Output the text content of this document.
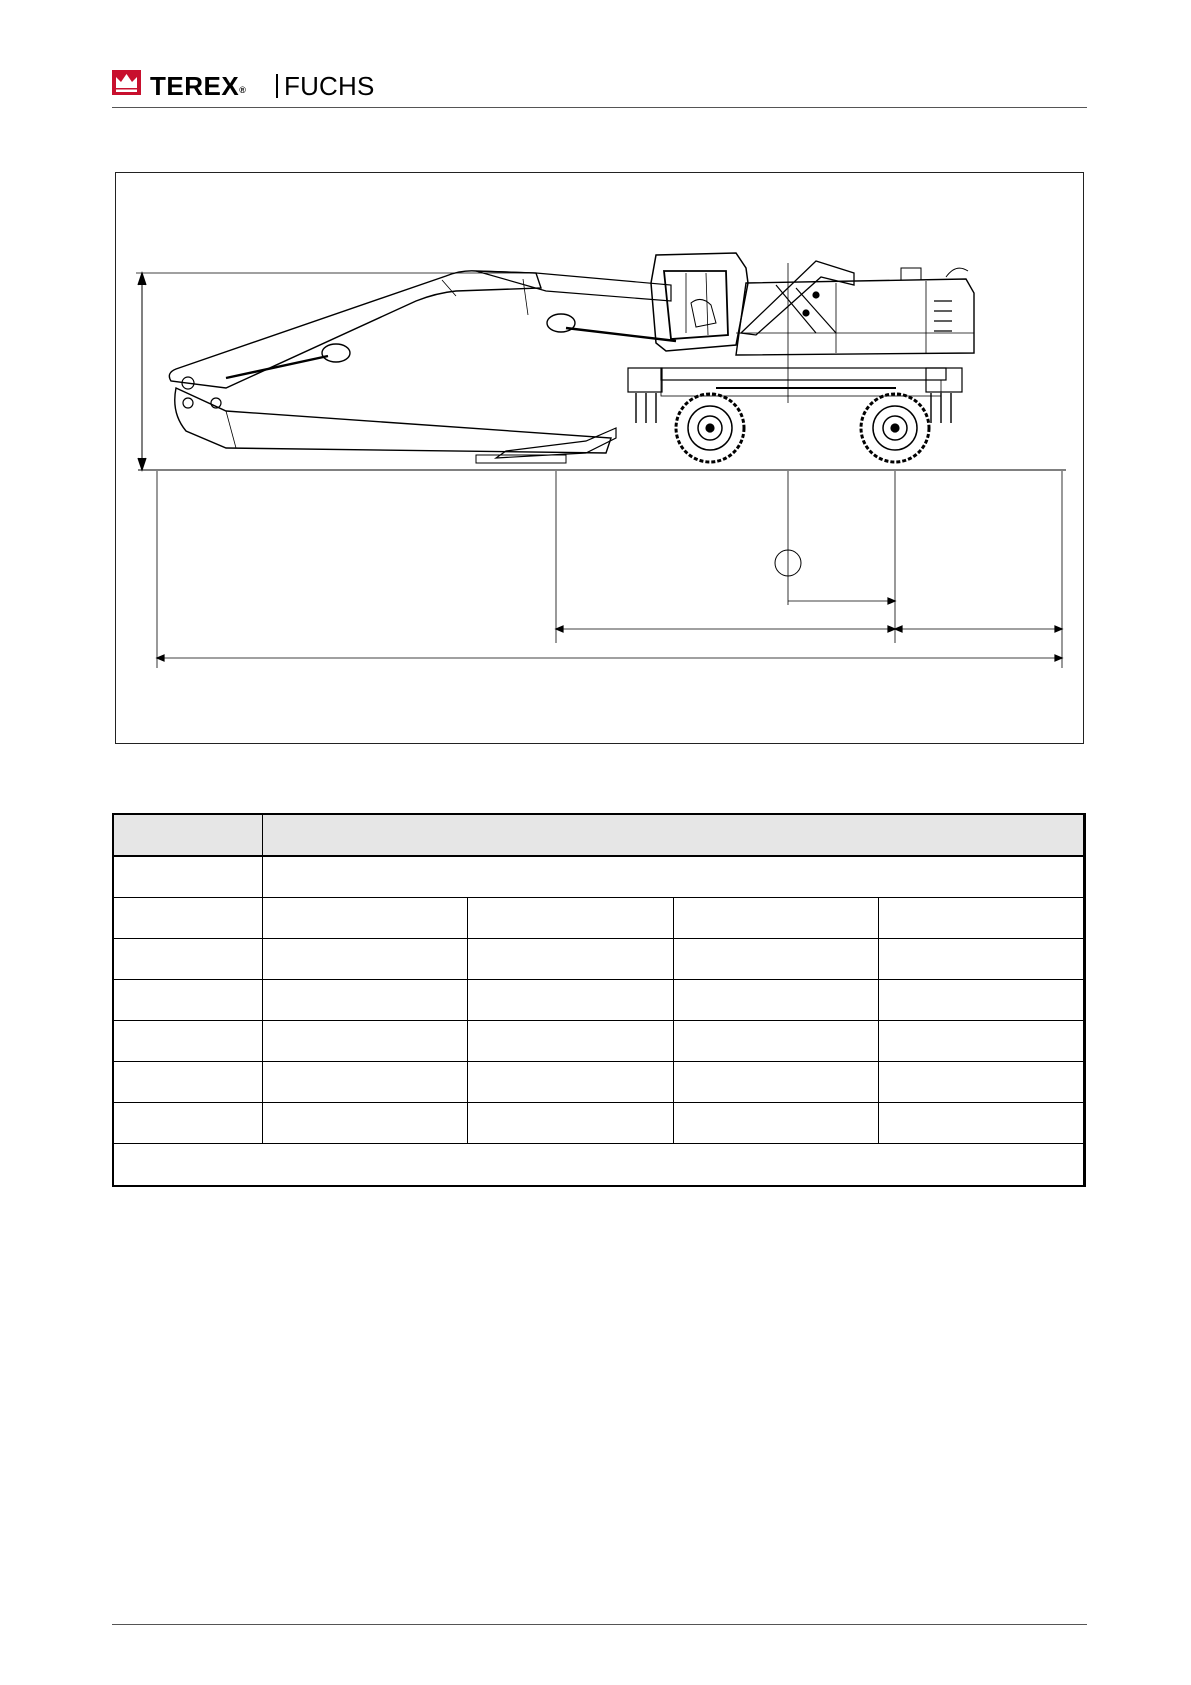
TEREX® FUCHS
